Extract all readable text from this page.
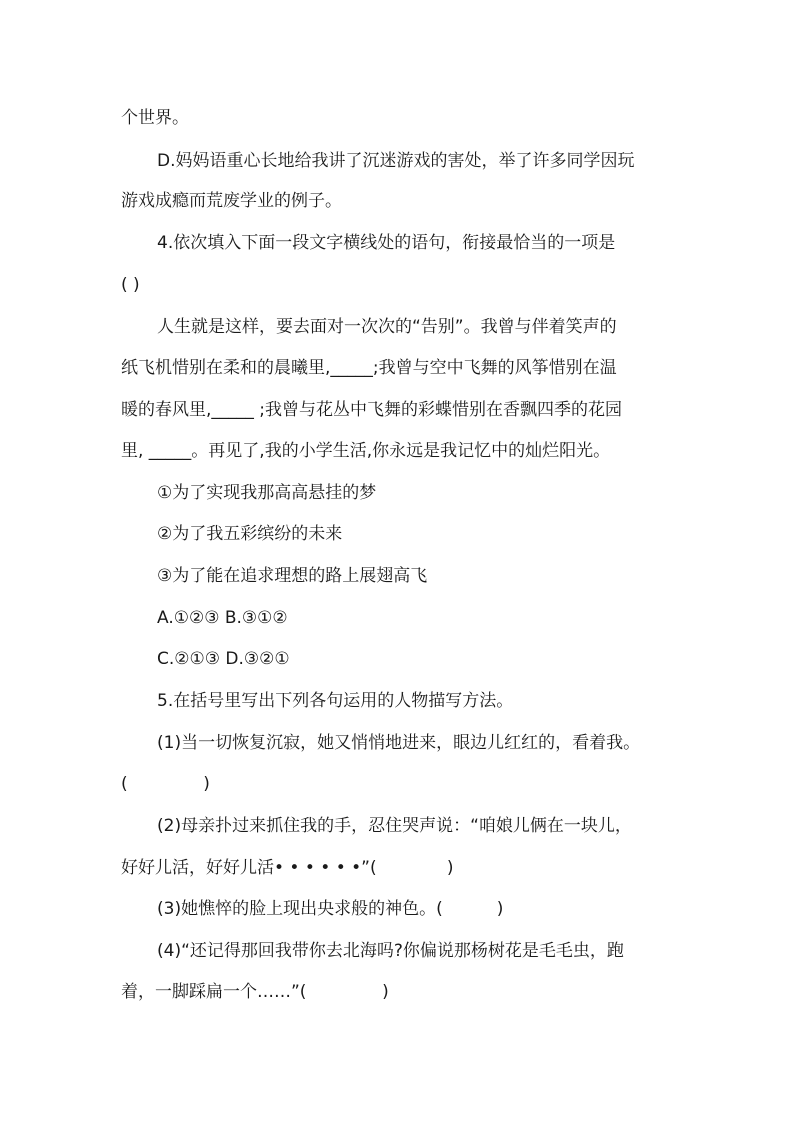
个世界。
D.妈妈语重心长地给我讲了沉迷游戏的害处，举了许多同学因玩
游戏成瘾而荒废学业的例子。
4.依次填入下面一段文字横线处的语句，衔接最恰当的一项是
( )
人生就是这样，要去面对一次次的“告别”。我曾与伴着笑声的
纸飞机惜别在柔和的晨曦里,_____;我曾与空中飞舞的风筝惜别在温
暖的春风里,_____ ;我曾与花丛中飞舞的彩蝶惜别在香飘四季的花园
里, _____。再见了,我的小学生活,你永远是我记忆中的灿烂阳光。
①为了实现我那高高悬挂的梦
②为了我五彩缤纷的未来
③为了能在追求理想的路上展翅高飞
A.①②③ B.③①②
C.②①③ D.③②①
5.在括号里写出下列各句运用的人物描写方法。
(1)当一切恢复沉寂，她又悄悄地进来，眼边儿红红的，看着我。
(              )
(2)母亲扑过来抓住我的手，忍住哭声说：“咱娘儿俩在一块儿，
好好儿活，好好儿活• • • • • •”(             )
(3)她憔悴的脸上现出央求般的神色。(          )
(4)“还记得那回我带你去北海吗?你偏说那杨树花是毛毛虫，跑
着，一脚踩扁一个……”(              )
